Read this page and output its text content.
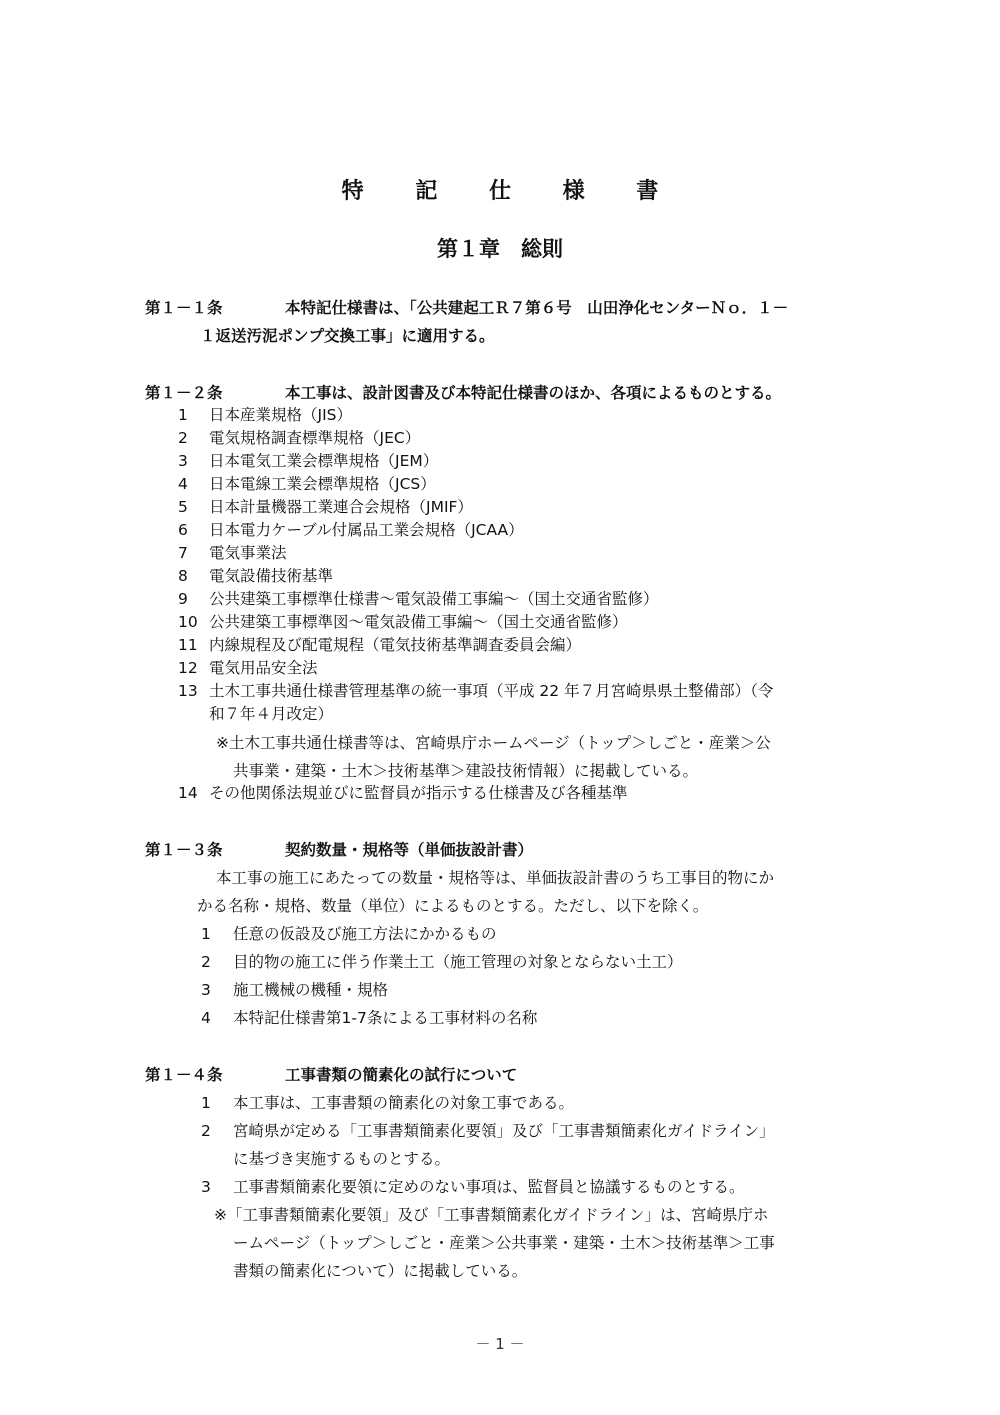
特 記 仕 様 書
第１章　総則
第１－１条	本特記仕様書は、「公共建起工Ｒ７第６号　山田浄化センターＮｏ．１－
１返送汚泥ポンプ交換工事」に適用する。
第１－２条	本工事は、設計図書及び本特記仕様書のほか、各項によるものとする。
1 日本産業規格（JIS）
2 電気規格調査標準規格（JEC）
3 日本電気工業会標準規格（JEM）
4 日本電線工業会標準規格（JCS）
5 日本計量機器工業連合会規格（JMIF）
6 日本電力ケーブル付属品工業会規格（JCAA）
7 電気事業法
8 電気設備技術基準
9 公共建築工事標準仕様書～電気設備工事編～（国土交通省監修）
10 公共建築工事標準図～電気設備工事編～（国土交通省監修）
11 内線規程及び配電規程（電気技術基準調査委員会編）
12 電気用品安全法
13 土木工事共通仕様書管理基準の統一事項（平成 22 年７月宮崎県県土整備部）（令
和７年４月改定）
※土木工事共通仕様書等は、宮崎県庁ホームページ（トップ＞しごと・産業＞公
共事業・建築・土木＞技術基準＞建設技術情報）に掲載している。
14 その他関係法規並びに監督員が指示する仕様書及び各種基準
第１－３条	契約数量・規格等（単価抜設計書）
本工事の施工にあたっての数量・規格等は、単価抜設計書のうち工事目的物にか
かる名称・規格、数量（単位）によるものとする。ただし、以下を除く。
1 任意の仮設及び施工方法にかかるもの
2 目的物の施工に伴う作業土工（施工管理の対象とならない土工）
3 施工機械の機種・規格
4 本特記仕様書第1-7条による工事材料の名称
第１－４条	工事書類の簡素化の試行について
1 本工事は、工事書類の簡素化の対象工事である。
2 宮崎県が定める「工事書類簡素化要領」及び「工事書類簡素化ガイドライン」
に基づき実施するものとする。
3 工事書類簡素化要領に定めのない事項は、監督員と協議するものとする。
※「工事書類簡素化要領」及び「工事書類簡素化ガイドライン」は、宮崎県庁ホ
ームページ（トップ＞しごと・産業＞公共事業・建築・土木＞技術基準＞工事
書類の簡素化について）に掲載している。
－ 1 －
